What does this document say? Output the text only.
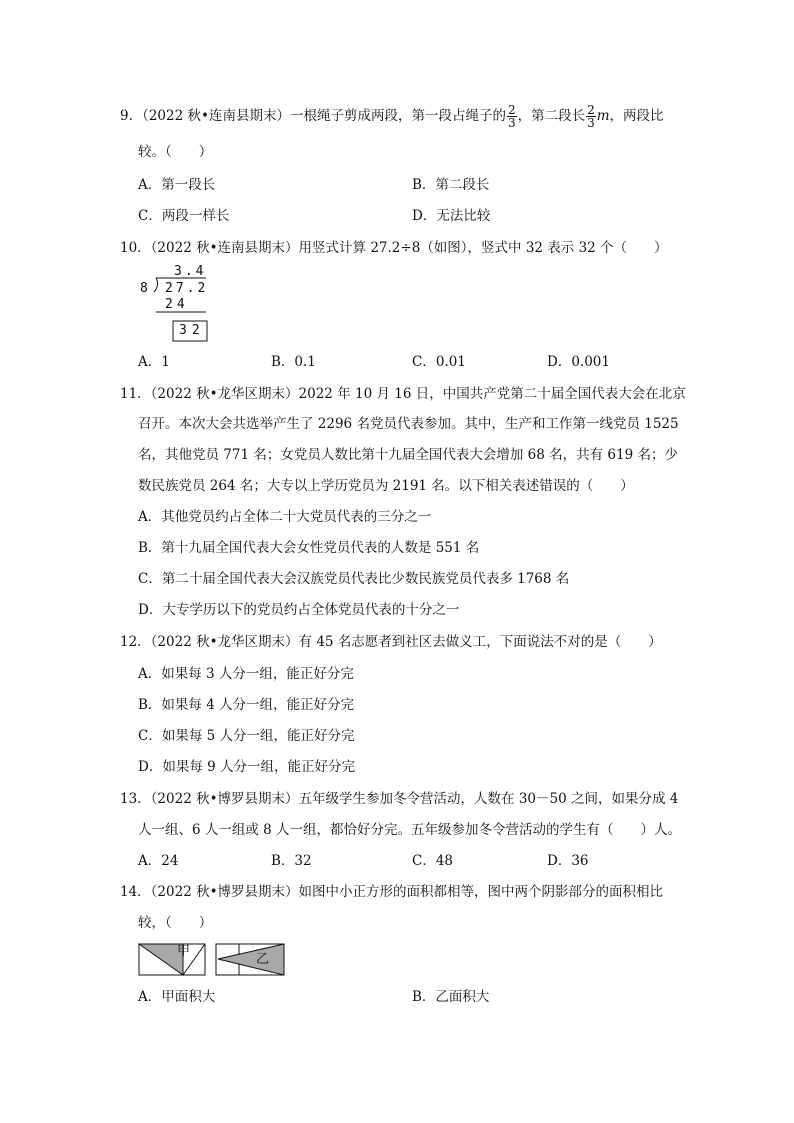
9．（2022 秋•连南县期末）一根绳子剪成两段，第一段占绳子的 $\frac{2}{3}$ ，第二段长 $\frac{2}{3}$ m，两段比
较。（　　）
A．第一段长	B．第二段长
C．两段一样长	D．无法比较
10．（2022 秋•连南县期末）用竖式计算 27.2÷8（如图），竖式中 32 表示 32 个（　　）
3.4
8 27.2
24
32
A．1	B．0.1	C．0.01	D．0.001
11．（2022 秋•龙华区期末）2022 年 10 月 16 日，中国共产党第二十届全国代表大会在北京
召开。本次大会共选举产生了 2296 名党员代表参加。其中，生产和工作第一线党员 1525
名，其他党员 771 名；女党员人数比第十九届全国代表大会增加 68 名，共有 619 名；少
数民族党员 264 名；大专以上学历党员为 2191 名。以下相关表述错误的（　　）
A．其他党员约占全体二十大党员代表的三分之一
B．第十九届全国代表大会女性党员代表的人数是 551 名
C．第二十届全国代表大会汉族党员代表比少数民族党员代表多 1768 名
D．大专学历以下的党员约占全体党员代表的十分之一
12．（2022 秋•龙华区期末）有 45 名志愿者到社区去做义工，下面说法不对的是（　　）
A．如果每 3 人分一组，能正好分完
B．如果每 4 人分一组，能正好分完
C．如果每 5 人分一组，能正好分完
D．如果每 9 人分一组，能正好分完
13．（2022 秋•博罗县期末）五年级学生参加冬令营活动，人数在 30－50 之间，如果分成 4
人一组、6 人一组或 8 人一组，都恰好分完。五年级参加冬令营活动的学生有（　　）人。
A．24	B．32	C．48	D．36
14．（2022 秋•博罗县期末）如图中小正方形的面积都相等，图中两个阴影部分的面积相比
较，（　　）
甲
乙
A．甲面积大	B．乙面积大
